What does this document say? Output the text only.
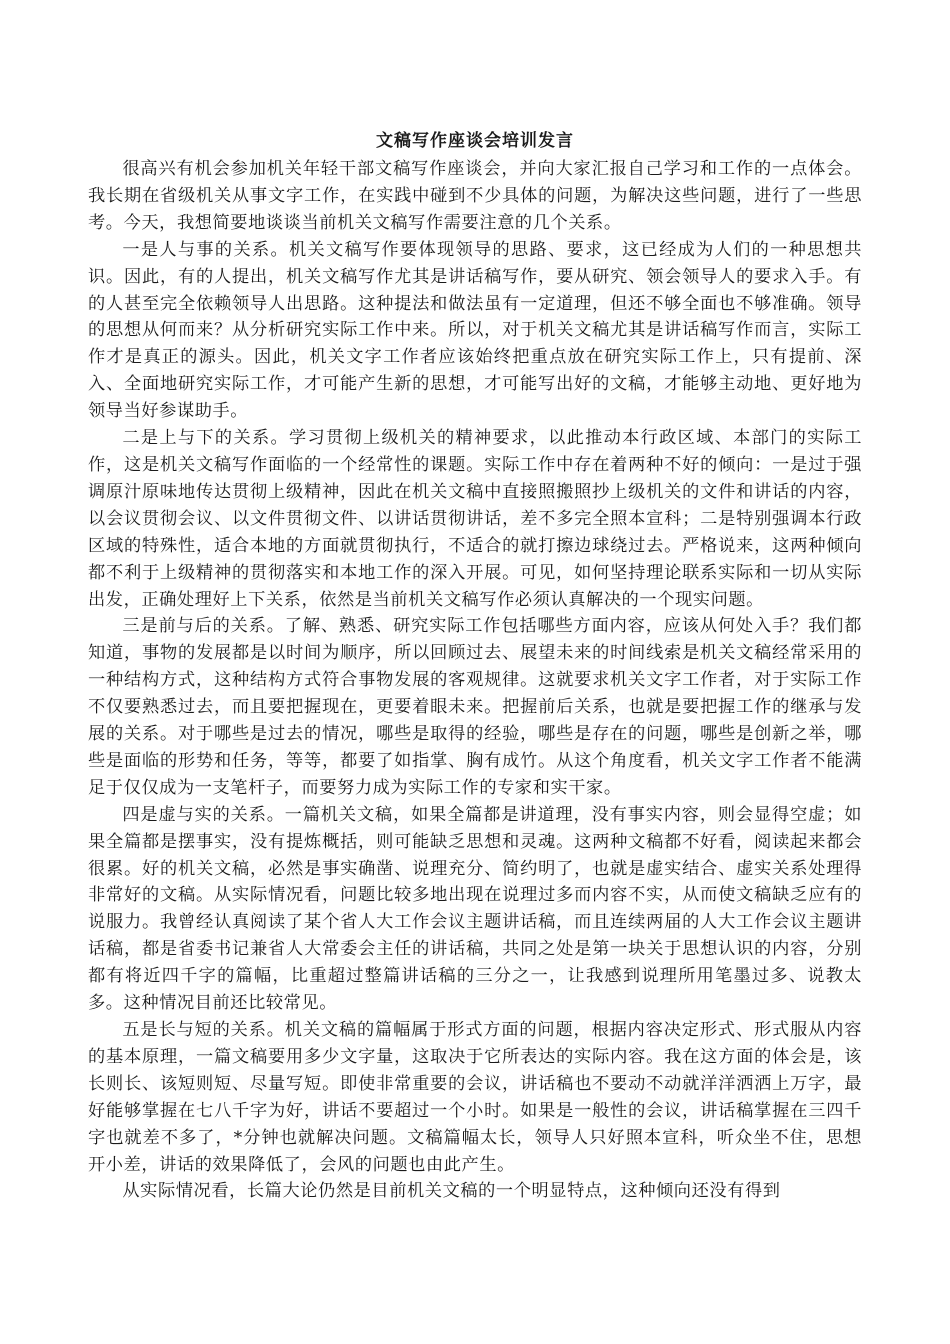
文稿写作座谈会培训发言

很高兴有机会参加机关年轻干部文稿写作座谈会，并向大家汇报自己学习和工作的一点体会。我长期在省级机关从事文字工作，在实践中碰到不少具体的问题，为解决这些问题，进行了一些思考。今天，我想简要地谈谈当前机关文稿写作需要注意的几个关系。

一是人与事的关系。机关文稿写作要体现领导的思路、要求，这已经成为人们的一种思想共识。因此，有的人提出，机关文稿写作尤其是讲话稿写作，要从研究、领会领导人的要求入手。有的人甚至完全依赖领导人出思路。这种提法和做法虽有一定道理，但还不够全面也不够准确。领导的思想从何而来？从分析研究实际工作中来。所以，对于机关文稿尤其是讲话稿写作而言，实际工作才是真正的源头。因此，机关文字工作者应该始终把重点放在研究实际工作上，只有提前、深入、全面地研究实际工作，才可能产生新的思想，才可能写出好的文稿，才能够主动地、更好地为领导当好参谋助手。

二是上与下的关系。学习贯彻上级机关的精神要求，以此推动本行政区域、本部门的实际工作，这是机关文稿写作面临的一个经常性的课题。实际工作中存在着两种不好的倾向：一是过于强调原汁原味地传达贯彻上级精神，因此在机关文稿中直接照搬照抄上级机关的文件和讲话的内容，以会议贯彻会议、以文件贯彻文件、以讲话贯彻讲话，差不多完全照本宣科；二是特别强调本行政区域的特殊性，适合本地的方面就贯彻执行，不适合的就打擦边球绕过去。严格说来，这两种倾向都不利于上级精神的贯彻落实和本地工作的深入开展。可见，如何坚持理论联系实际和一切从实际出发，正确处理好上下关系，依然是当前机关文稿写作必须认真解决的一个现实问题。

三是前与后的关系。了解、熟悉、研究实际工作包括哪些方面内容，应该从何处入手？我们都知道，事物的发展都是以时间为顺序，所以回顾过去、展望未来的时间线索是机关文稿经常采用的一种结构方式，这种结构方式符合事物发展的客观规律。这就要求机关文字工作者，对于实际工作不仅要熟悉过去，而且要把握现在，更要着眼未来。把握前后关系，也就是要把握工作的继承与发展的关系。对于哪些是过去的情况，哪些是取得的经验，哪些是存在的问题，哪些是创新之举，哪些是面临的形势和任务，等等，都要了如指掌、胸有成竹。从这个角度看，机关文字工作者不能满足于仅仅成为一支笔杆子，而要努力成为实际工作的专家和实干家。

四是虚与实的关系。一篇机关文稿，如果全篇都是讲道理，没有事实内容，则会显得空虚；如果全篇都是摆事实，没有提炼概括，则可能缺乏思想和灵魂。这两种文稿都不好看，阅读起来都会很累。好的机关文稿，必然是事实确凿、说理充分、简约明了，也就是虚实结合、虚实关系处理得非常好的文稿。从实际情况看，问题比较多地出现在说理过多而内容不实，从而使文稿缺乏应有的说服力。我曾经认真阅读了某个省人大工作会议主题讲话稿，而且连续两届的人大工作会议主题讲话稿，都是省委书记兼省人大常委会主任的讲话稿，共同之处是第一块关于思想认识的内容，分别都有将近四千字的篇幅，比重超过整篇讲话稿的三分之一，让我感到说理所用笔墨过多、说教太多。这种情况目前还比较常见。

五是长与短的关系。机关文稿的篇幅属于形式方面的问题，根据内容决定形式、形式服从内容的基本原理，一篇文稿要用多少文字量，这取决于它所表达的实际内容。我在这方面的体会是，该长则长、该短则短、尽量写短。即使非常重要的会议，讲话稿也不要动不动就洋洋洒洒上万字，最好能够掌握在七八千字为好，讲话不要超过一个小时。如果是一般性的会议，讲话稿掌握在三四千字也就差不多了，*分钟也就解决问题。文稿篇幅太长，领导人只好照本宣科，听众坐不住，思想开小差，讲话的效果降低了，会风的问题也由此产生。

从实际情况看，长篇大论仍然是目前机关文稿的一个明显特点，这种倾向还没有得到
